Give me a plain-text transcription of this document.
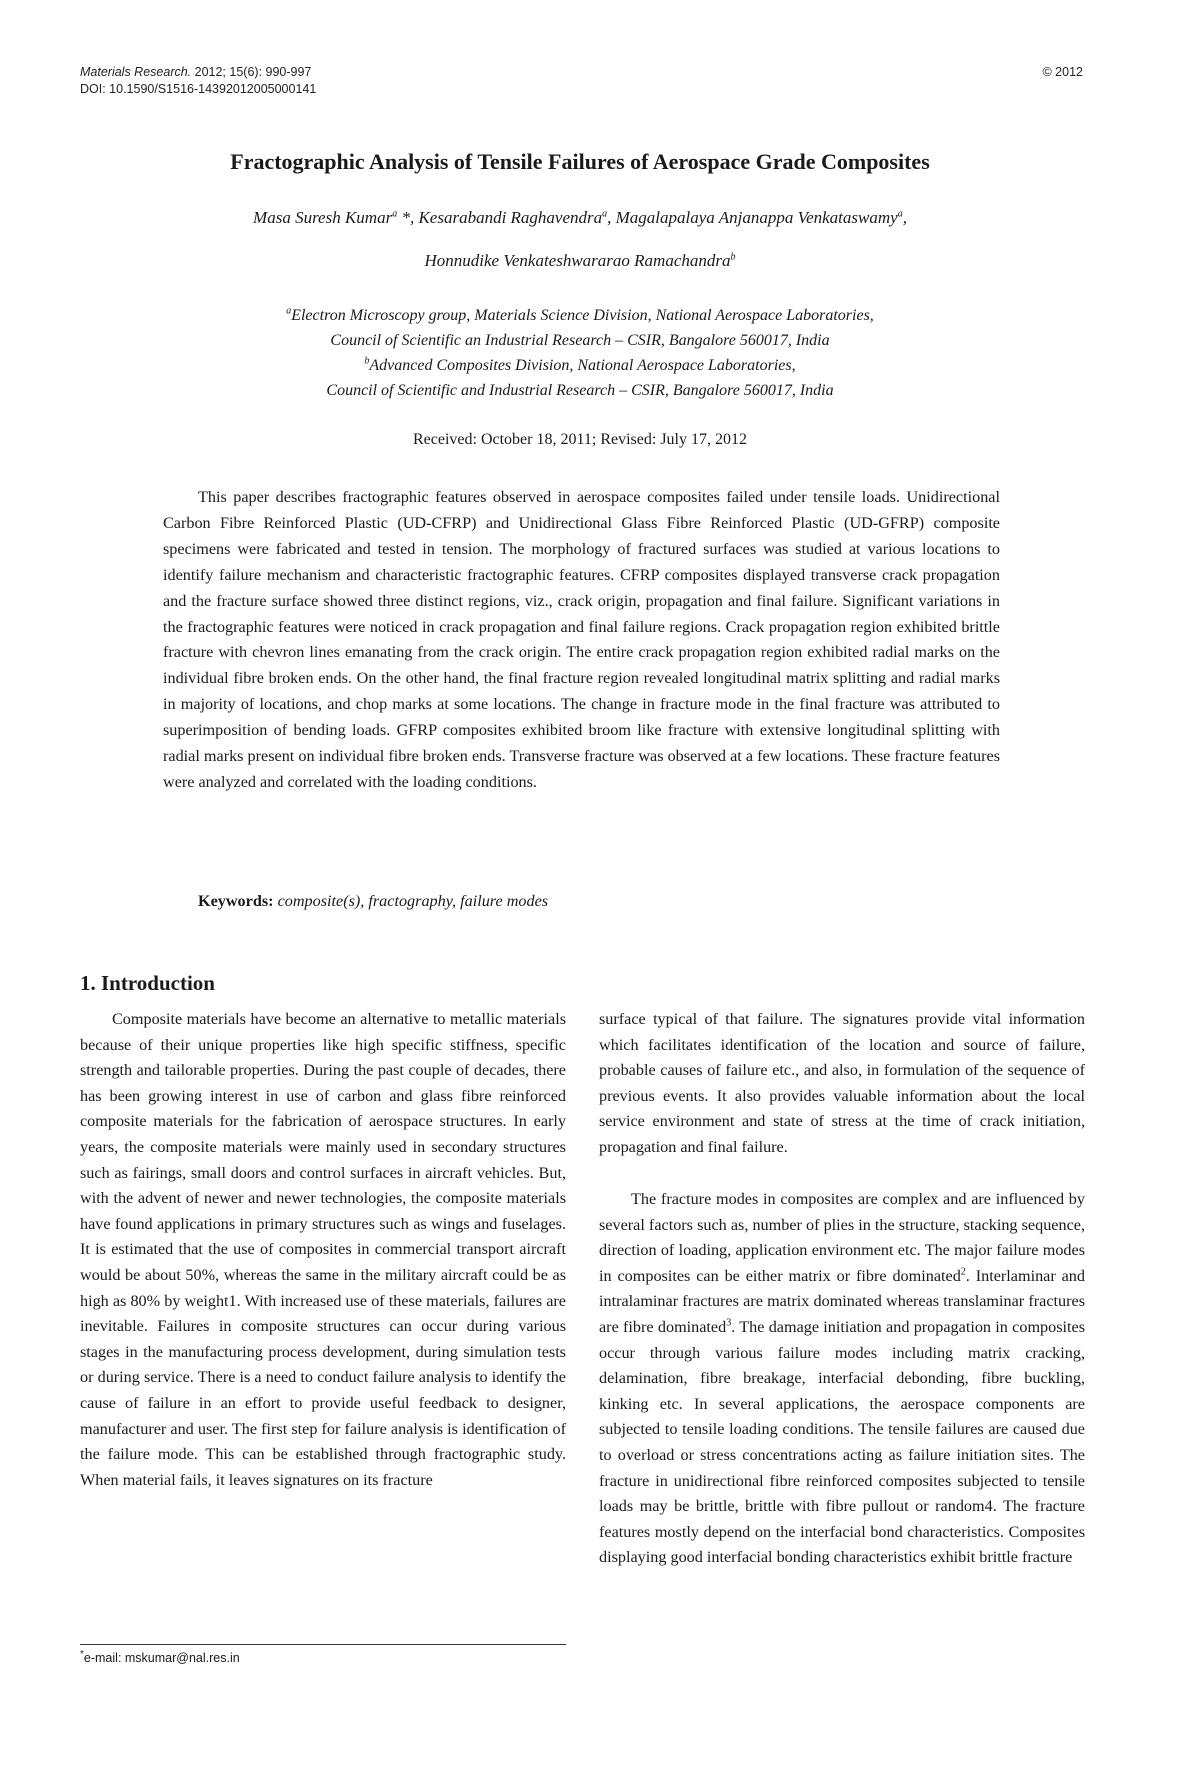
Materials Research. 2012; 15(6): 990-997
DOI: 10.1590/S1516-14392012005000141
© 2012
Fractographic Analysis of Tensile Failures of Aerospace Grade Composites
Masa Suresh Kumar$^a$ *, Kesarabandi Raghavendra$^a$, Magalapalaya Anjanappa Venkataswamy$^a$,
Honnudike Venkateshwararao Ramachandra$^b$
$^a$Electron Microscopy group, Materials Science Division, National Aerospace Laboratories,
Council of Scientific an Industrial Research – CSIR, Bangalore 560017, India
$^b$Advanced Composites Division, National Aerospace Laboratories,
Council of Scientific and Industrial Research – CSIR, Bangalore 560017, India
Received: October 18, 2011; Revised: July 17, 2012

This paper describes fractographic features observed in aerospace composites failed under tensile loads. Unidirectional Carbon Fibre Reinforced Plastic (UD-CFRP) and Unidirectional Glass Fibre Reinforced Plastic (UD-GFRP) composite specimens were fabricated and tested in tension. The morphology of fractured surfaces was studied at various locations to identify failure mechanism and characteristic fractographic features. CFRP composites displayed transverse crack propagation and the fracture surface showed three distinct regions, viz., crack origin, propagation and final failure. Significant variations in the fractographic features were noticed in crack propagation and final failure regions. Crack propagation region exhibited brittle fracture with chevron lines emanating from the crack origin. The entire crack propagation region exhibited radial marks on the individual fibre broken ends. On the other hand, the final fracture region revealed longitudinal matrix splitting and radial marks in majority of locations, and chop marks at some locations. The change in fracture mode in the final fracture was attributed to superimposition of bending loads. GFRP composites exhibited broom like fracture with extensive longitudinal splitting with radial marks present on individual fibre broken ends. Transverse fracture was observed at a few locations. These fracture features were analyzed and correlated with the loading conditions.

Keywords: composite(s), fractography, failure modes
1. Introduction

Composite materials have become an alternative to metallic materials because of their unique properties like high specific stiffness, specific strength and tailorable properties. During the past couple of decades, there has been growing interest in use of carbon and glass fibre reinforced composite materials for the fabrication of aerospace structures. In early years, the composite materials were mainly used in secondary structures such as fairings, small doors and control surfaces in aircraft vehicles. But, with the advent of newer and newer technologies, the composite materials have found applications in primary structures such as wings and fuselages. It is estimated that the use of composites in commercial transport aircraft would be about 50%, whereas the same in the military aircraft could be as high as 80% by weight1. With increased use of these materials, failures are inevitable. Failures in composite structures can occur during various stages in the manufacturing process development, during simulation tests or during service. There is a need to conduct failure analysis to identify the cause of failure in an effort to provide useful feedback to designer, manufacturer and user. The first step for failure analysis is identification of the failure mode. This can be established through fractographic study. When material fails, it leaves signatures on its fracture

surface typical of that failure. The signatures provide vital information which facilitates identification of the location and source of failure, probable causes of failure etc., and also, in formulation of the sequence of previous events. It also provides valuable information about the local service environment and state of stress at the time of crack initiation, propagation and final failure.

The fracture modes in composites are complex and are influenced by several factors such as, number of plies in the structure, stacking sequence, direction of loading, application environment etc. The major failure modes in composites can be either matrix or fibre dominated$^2$. Interlaminar and intralaminar fractures are matrix dominated whereas translaminar fractures are fibre dominated$^3$. The damage initiation and propagation in composites occur through various failure modes including matrix cracking, delamination, fibre breakage, interfacial debonding, fibre buckling, kinking etc. In several applications, the aerospace components are subjected to tensile loading conditions. The tensile failures are caused due to overload or stress concentrations acting as failure initiation sites. The fracture in unidirectional fibre reinforced composites subjected to tensile loads may be brittle, brittle with fibre pullout or random4. The fracture features mostly depend on the interfacial bond characteristics. Composites displaying good interfacial bonding characteristics exhibit brittle fracture

*e-mail: mskumar@nal.res.in
